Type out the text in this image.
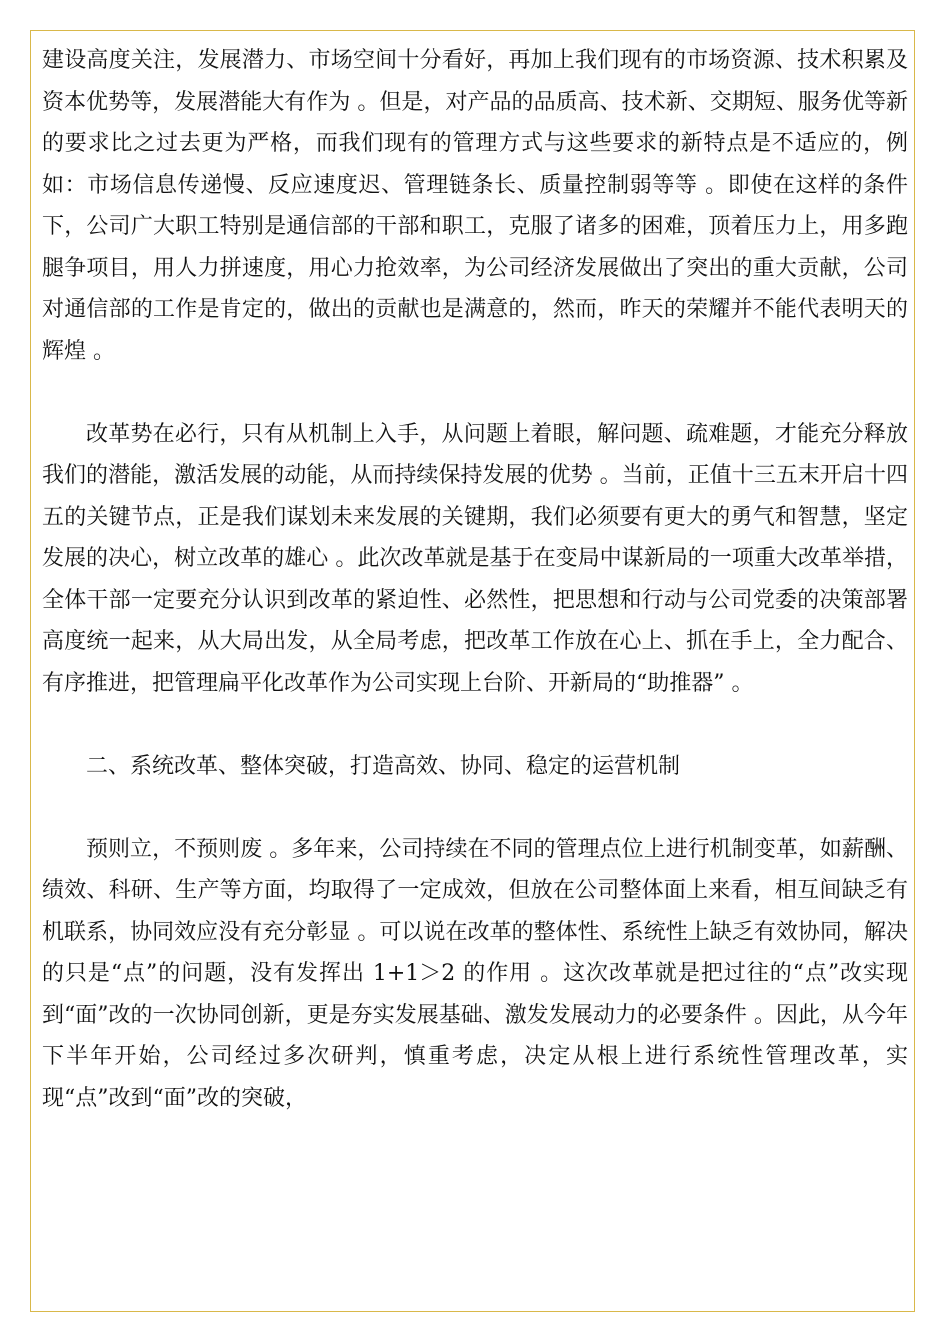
建设高度关注，发展潜力、市场空间十分看好，再加上我们现有的市场资源、技术积累及资本优势等，发展潜能大有作为 。但是，对产品的品质高、技术新、交期短、服务优等新的要求比之过去更为严格，而我们现有的管理方式与这些要求的新特点是不适应的，例如：市场信息传递慢、反应速度迟、管理链条长、质量控制弱等等 。即使在这样的条件下，公司广大职工特别是通信部的干部和职工，克服了诸多的困难，顶着压力上，用多跑腿争项目，用人力拼速度，用心力抢效率，为公司经济发展做出了突出的重大贡献，公司对通信部的工作是肯定的，做出的贡献也是满意的，然而，昨天的荣耀并不能代表明天的辉煌 。

改革势在必行，只有从机制上入手，从问题上着眼，解问题、疏难题，才能充分释放我们的潜能，激活发展的动能，从而持续保持发展的优势 。当前，正值十三五末开启十四五的关键节点，正是我们谋划未来发展的关键期，我们必须要有更大的勇气和智慧，坚定发展的决心，树立改革的雄心 。此次改革就是基于在变局中谋新局的一项重大改革举措，全体干部一定要充分认识到改革的紧迫性、必然性，把思想和行动与公司党委的决策部署高度统一起来，从大局出发，从全局考虑，把改革工作放在心上、抓在手上，全力配合、有序推进，把管理扁平化改革作为公司实现上台阶、开新局的“助推器” 。

二、系统改革、整体突破，打造高效、协同、稳定的运营机制

预则立，不预则废 。多年来，公司持续在不同的管理点位上进行机制变革，如薪酬、绩效、科研、生产等方面，均取得了一定成效，但放在公司整体面上来看，相互间缺乏有机联系，协同效应没有充分彰显 。可以说在改革的整体性、系统性上缺乏有效协同，解决的只是“点”的问题，没有发挥出 1+1＞2 的作用 。这次改革就是把过往的“点”改实现到“面”改的一次协同创新，更是夯实发展基础、激发发展动力的必要条件 。因此，从今年下半年开始，公司经过多次研判，慎重考虑，决定从根上进行系统性管理改革，实现“点”改到“面”改的突破，
